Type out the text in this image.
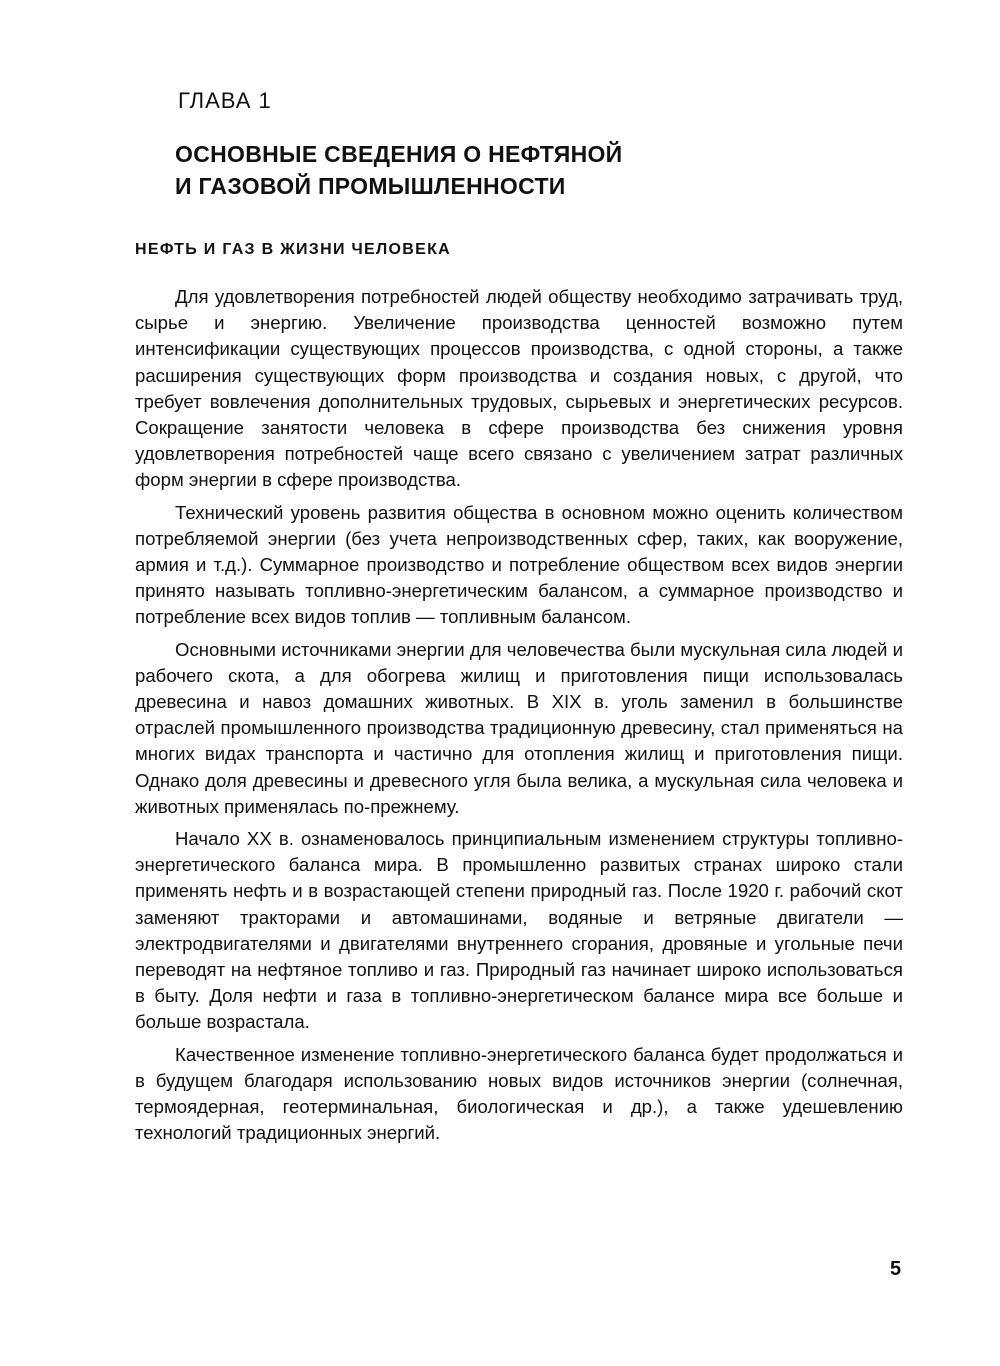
ГЛАВА 1
ОСНОВНЫЕ СВЕДЕНИЯ О НЕФТЯНОЙ
И ГАЗОВОЙ ПРОМЫШЛЕННОСТИ
НЕФТЬ И ГАЗ В ЖИЗНИ ЧЕЛОВЕКА

Для удовлетворения потребностей людей обществу необходимо затрачивать труд, сырье и энергию. Увеличение производства ценностей возможно путем интенсификации существующих процессов производства, с одной стороны, а также расширения существующих форм производства и создания новых, с другой, что требует вовлечения дополнительных трудовых, сырьевых и энергетических ресурсов. Сокращение занятости человека в сфере производства без снижения уровня удовлетворения потребностей чаще всего связано с увеличением затрат различных форм энергии в сфере производства.

Технический уровень развития общества в основном можно оценить количеством потребляемой энергии (без учета непроизводственных сфер, таких, как вооружение, армия и т.д.). Суммарное производство и потребление обществом всех видов энергии принято называть топливно-энергетическим балансом, а суммарное производство и потребление всех видов топлив — топливным балансом.

Основными источниками энергии для человечества были мускульная сила людей и рабочего скота, а для обогрева жилищ и приготовления пищи использовалась древесина и навоз домашних животных. В XIX в. уголь заменил в большинстве отраслей промышленного производства традиционную древесину, стал применяться на многих видах транспорта и частично для отопления жилищ и приготовления пищи. Однако доля древесины и древесного угля была велика, а мускульная сила человека и животных применялась по-прежнему.

Начало XX в. ознаменовалось принципиальным изменением структуры топливно-энергетического баланса мира. В промышленно развитых странах широко стали применять нефть и в возрастающей степени природный газ. После 1920 г. рабочий скот заменяют тракторами и автомашинами, водяные и ветряные двигатели — электродвигателями и двигателями внутреннего сгорания, дровяные и угольные печи переводят на нефтяное топливо и газ. Природный газ начинает широко использоваться в быту. Доля нефти и газа в топливно-энергетическом балансе мира все больше и больше возрастала.

Качественное изменение топливно-энергетического баланса будет продолжаться и в будущем благодаря использованию новых видов источников энергии (солнечная, термоядерная, геотерминальная, биологическая и др.), а также удешевлению технологий традиционных энергий.

5
